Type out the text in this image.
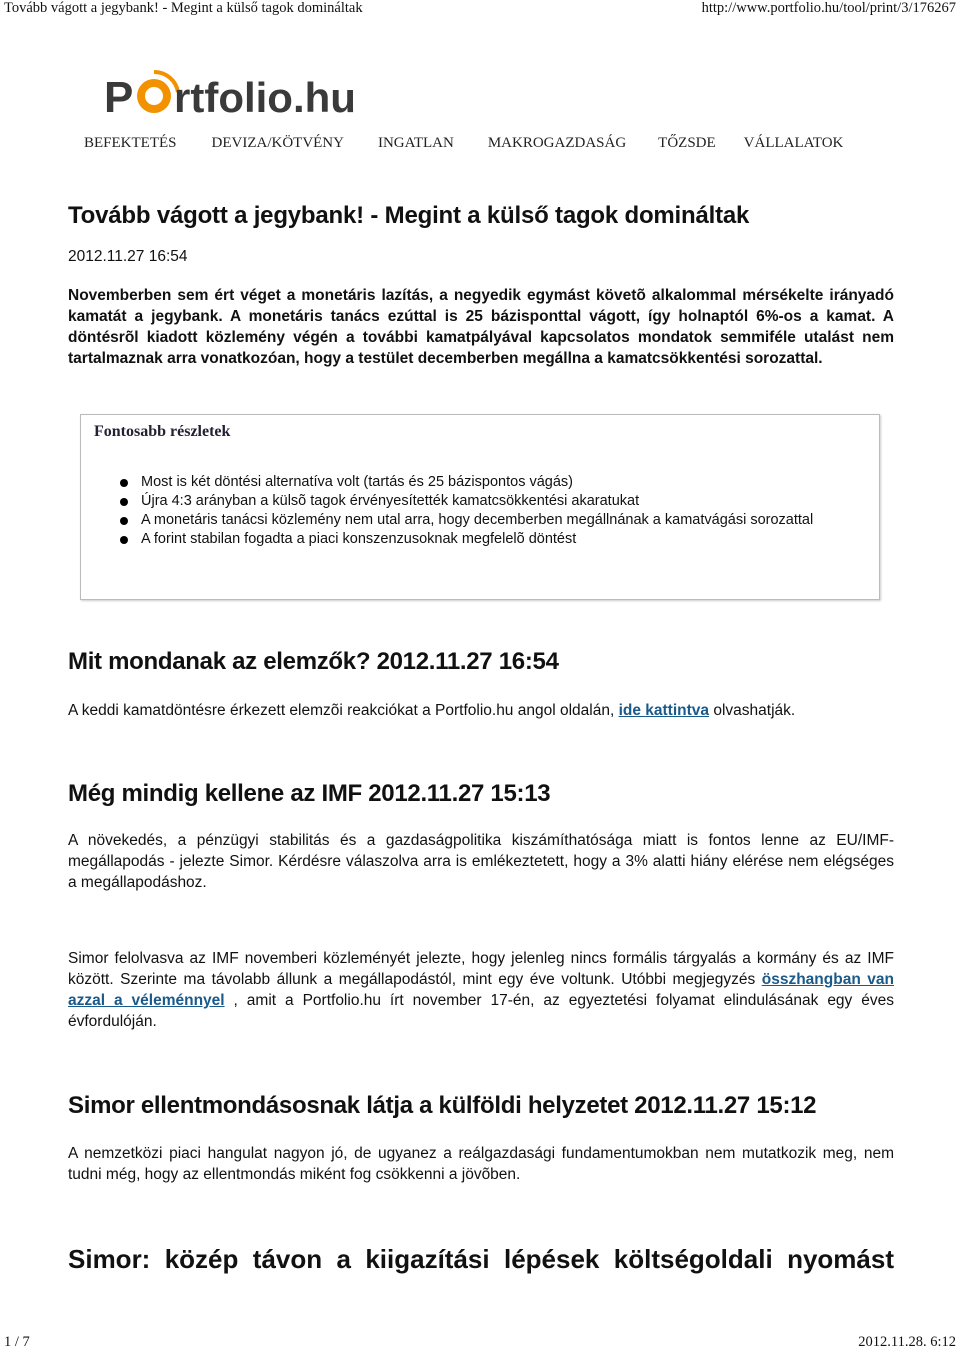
Tovább vágott a jegybank! - Megint a külső tagok domináltak	http://www.portfolio.hu/tool/print/3/176267
P rtfolio.hu
BEFEKTETÉS DEVIZA/KÖTVÉNY INGATLAN MAKROGAZDASÁG TŐZSDE VÁLLALATOK
Tovább vágott a jegybank! - Megint a külső tagok domináltak
2012.11.27 16:54
Novemberben sem ért véget a monetáris lazítás, a negyedik egymást követõ alkalommal mérsékelte irányadó kamatát a jegybank. A monetáris tanács ezúttal is 25 bázisponttal vágott, így holnaptól 6%-os a kamat. A döntésrõl kiadott közlemény végén a további kamatpályával kapcsolatos mondatok semmiféle utalást nem tartalmaznak arra vonatkozóan, hogy a testület decemberben megállna a kamatcsökkentési sorozattal.
Fontosabb részletek
Most is két döntési alternatíva volt (tartás és 25 bázispontos vágás)
Újra 4:3 arányban a külsõ tagok érvényesítették kamatcsökkentési akaratukat
A monetáris tanácsi közlemény nem utal arra, hogy decemberben megállnának a kamatvágási sorozattal
A forint stabilan fogadta a piaci konszenzusoknak megfelelõ döntést
Mit mondanak az elemzők? 2012.11.27 16:54
A keddi kamatdöntésre érkezett elemzõi reakciókat a Portfolio.hu angol oldalán, ide kattintva olvashatják.
Még mindig kellene az IMF 2012.11.27 15:13
A növekedés, a pénzügyi stabilitás és a gazdaságpolitika kiszámíthatósága miatt is fontos lenne az EU/IMF-megállapodás - jelezte Simor. Kérdésre válaszolva arra is emlékeztetett, hogy a 3% alatti hiány elérése nem elégséges a megállapodáshoz.
Simor felolvasva az IMF novemberi közleményét jelezte, hogy jelenleg nincs formális tárgyalás a kormány és az IMF között. Szerinte ma távolabb állunk a megállapodástól, mint egy éve voltunk. Utóbbi megjegyzés összhangban van azzal a véleménnyel , amit a Portfolio.hu írt november 17-én, az egyeztetési folyamat elindulásának egy éves évfordulóján.
Simor ellentmondásosnak látja a külföldi helyzetet 2012.11.27 15:12
A nemzetközi piaci hangulat nagyon jó, de ugyanez a reálgazdasági fundamentumokban nem mutatkozik meg, nem tudni még, hogy az ellentmondás miként fog csökkenni a jövõben.
Simor: közép távon a kiigazítási lépések költségoldali nyomást
1 / 7	2012.11.28. 6:12
